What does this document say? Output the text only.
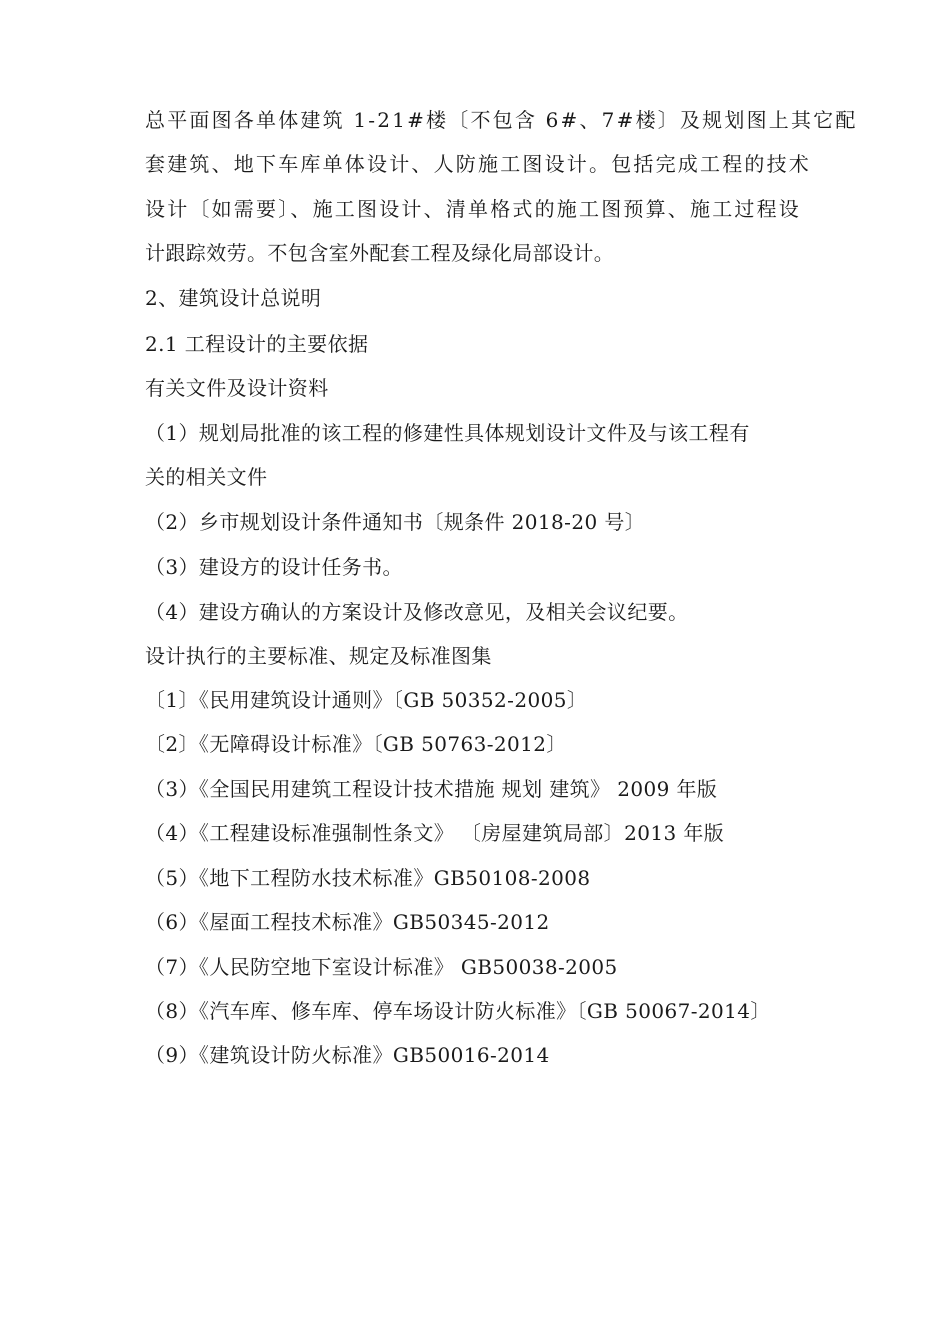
总平面图各单体建筑 1-21#楼〔不包含 6#、7#楼〕及规划图上其它配
套建筑、地下车库单体设计、人防施工图设计。包括完成工程的技术
设计〔如需要〕、施工图设计、清单格式的施工图预算、施工过程设
计跟踪效劳。不包含室外配套工程及绿化局部设计。
2、建筑设计总说明
2.1 工程设计的主要依据
有关文件及设计资料
（1）规划局批准的该工程的修建性具体规划设计文件及与该工程有
关的相关文件
（2）乡市规划设计条件通知书〔规条件 2018-20 号〕
（3）建设方的设计任务书。
（4）建设方确认的方案设计及修改意见，及相关会议纪要。
设计执行的主要标准、规定及标准图集
〔1〕《民用建筑设计通则》〔GB 50352-2005〕
〔2〕《无障碍设计标准》〔GB 50763-2012〕
（3）《全国民用建筑工程设计技术措施 规划 建筑》 2009 年版
（4）《工程建设标准强制性条文》 〔房屋建筑局部〕2013 年版
（5）《地下工程防水技术标准》GB50108-2008
（6）《屋面工程技术标准》GB50345-2012
（7）《人民防空地下室设计标准》 GB50038-2005
（8）《汽车库、修车库、停车场设计防火标准》〔GB 50067-2014〕
（9）《建筑设计防火标准》GB50016-2014
